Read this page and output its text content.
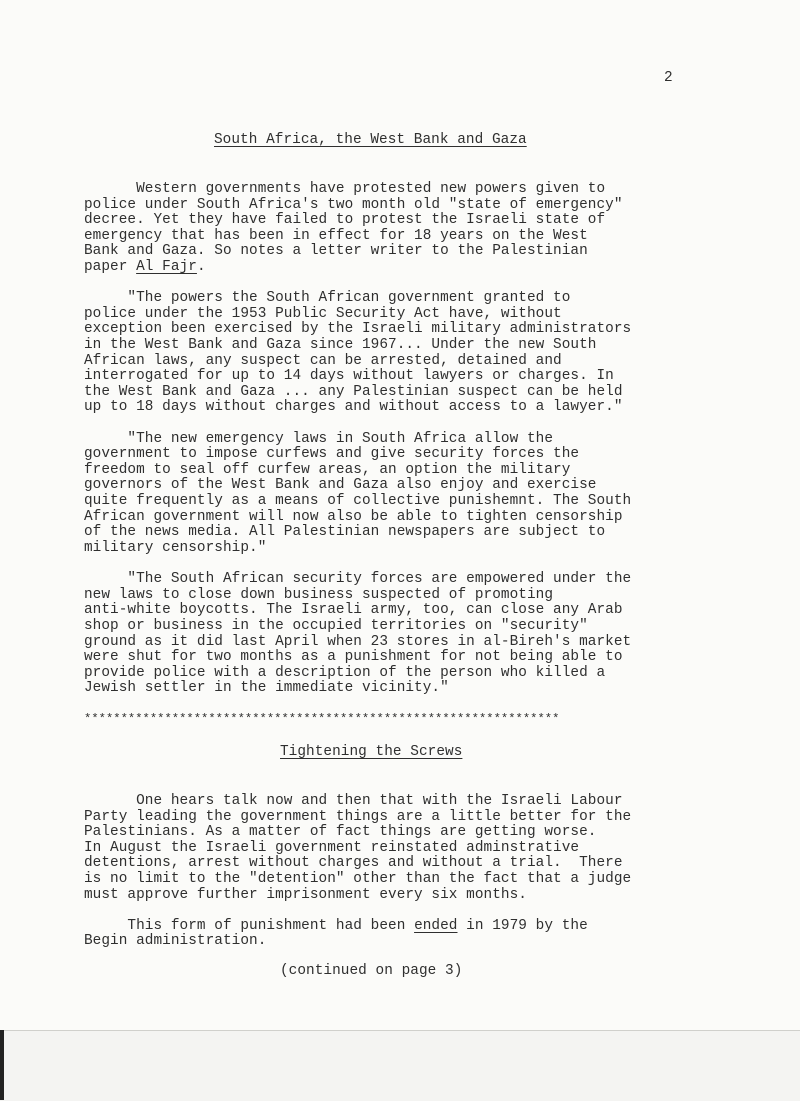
2
South Africa, the West Bank and Gaza
Western governments have protested new powers given to
police under South Africa's two month old "state of emergency"
decree. Yet they have failed to protest the Israeli state of
emergency that has been in effect for 18 years on the West
Bank and Gaza. So notes a letter writer to the Palestinian
paper Al Fajr.
"The powers the South African government granted to
police under the 1953 Public Security Act have, without
exception been exercised by the Israeli military administrators
in the West Bank and Gaza since 1967... Under the new South
African laws, any suspect can be arrested, detained and
interrogated for up to 14 days without lawyers or charges. In
the West Bank and Gaza ... any Palestinian suspect can be held
up to 18 days without charges and without access to a lawyer."
"The new emergency laws in South Africa allow the
government to impose curfews and give security forces the
freedom to seal off curfew areas, an option the military
governors of the West Bank and Gaza also enjoy and exercise
quite frequently as a means of collective punishemnt. The South
African government will now also be able to tighten censorship
of the news media. All Palestinian newspapers are subject to
military censorship."
"The South African security forces are empowered under the
new laws to close down business suspected of promoting
anti-white boycotts. The Israeli army, too, can close any Arab
shop or business in the occupied territories on "security"
ground as it did last April when 23 stores in al-Bireh's market
were shut for two months as a punishment for not being able to
provide police with a description of the person who killed a
Jewish settler in the immediate vicinity."
*****************************************************************
Tightening the Screws
One hears talk now and then that with the Israeli Labour
Party leading the government things are a little better for the
Palestinians. As a matter of fact things are getting worse.
In August the Israeli government reinstated adminstrative
detentions, arrest without charges and without a trial.  There
is no limit to the "detention" other than the fact that a judge
must approve further imprisonment every six months.
This form of punishment had been ended in 1979 by the
Begin administration.
(continued on page 3)
